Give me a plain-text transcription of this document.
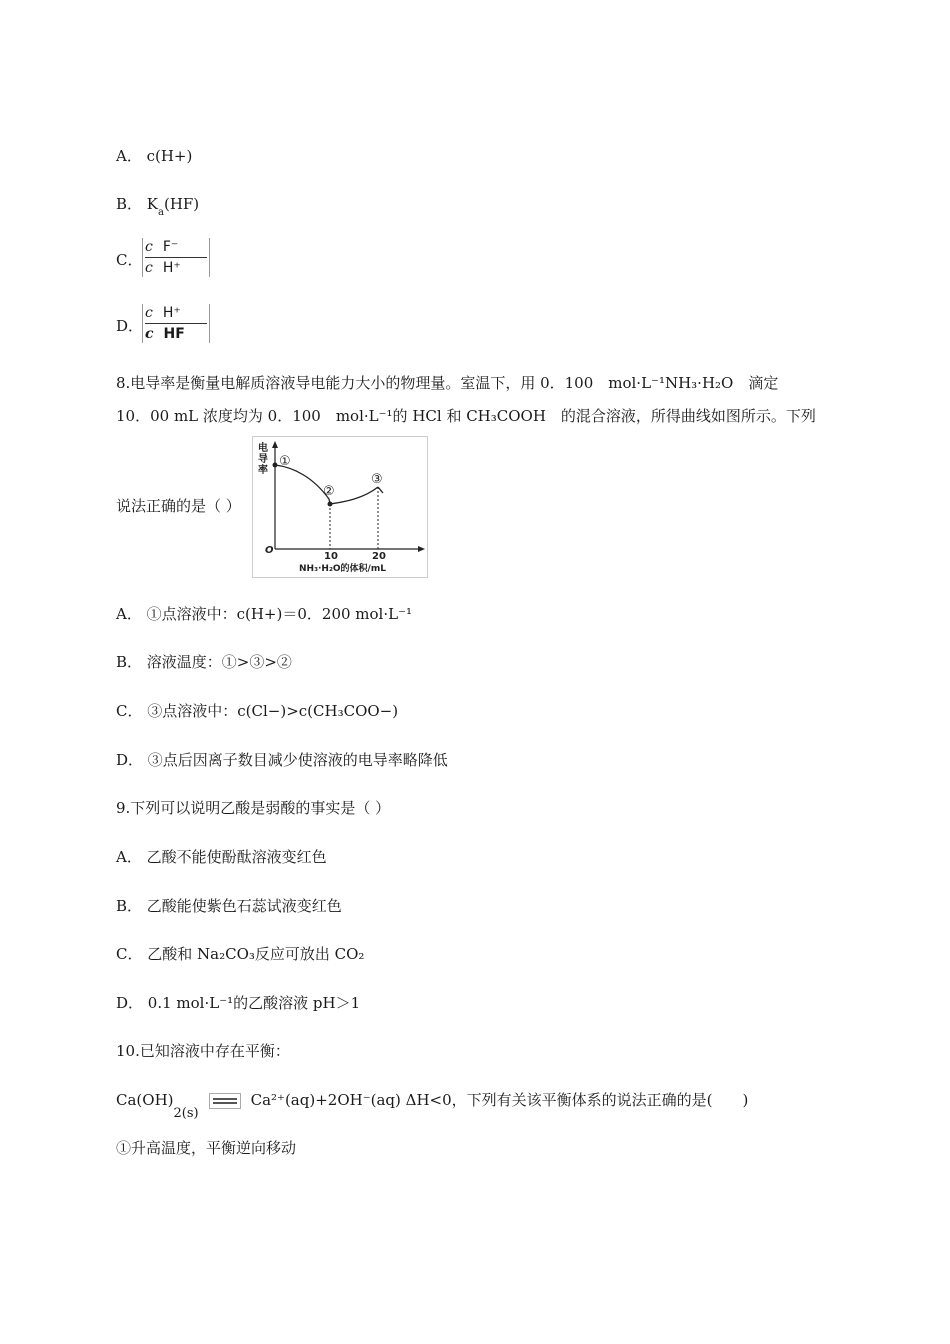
A． c(H+)
B． $K_a(HF)$
C．
c F⁻
c H⁺
D．
c H⁺
c HF
8.电导率是衡量电解质溶液导电能力大小的物理量。室温下，用 0．100　mol·L⁻¹NH₃·H₂O　滴定
10．00 mL 浓度均为 0．100　mol·L⁻¹的 HCl 和 CH₃COOH　的混合溶液，所得曲线如图所示。下列
说法正确的是（ ）
电导率
①
②
③
O
10	20
NH₃·H₂O的体积/mL
A． ①点溶液中：c(H+)＝0．200 mol·L⁻¹
B． 溶液温度：①>③>②
C． ③点溶液中：c(Cl−)>c(CH₃COO−)
D． ③点后因离子数目减少使溶液的电导率略降低
9.下列可以说明乙酸是弱酸的事实是（ ）
A． 乙酸不能使酚酞溶液变红色
B． 乙酸能使紫色石蕊试液变红色
C． 乙酸和 Na₂CO₃反应可放出 CO₂
D． 0.1 mol·L⁻¹的乙酸溶液 pH＞1
10.已知溶液中存在平衡：
Ca(OH)2(s)Ca²⁺(aq)+2OH⁻(aq) ΔH<0，下列有关该平衡体系的说法正确的是(　　)
①升高温度，平衡逆向移动
